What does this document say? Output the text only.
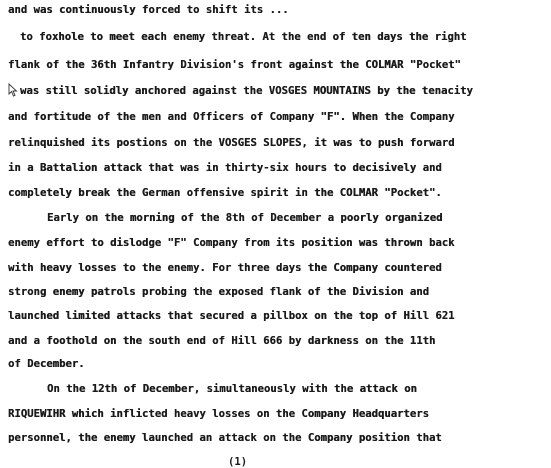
and was continuously forced to shift its ...
to foxhole to meet each enemy threat. At the end of ten days the right
flank of the 36th Infantry Division's front against the COLMAR "Pocket"
was still solidly anchored against the VOSGES MOUNTAINS by the tenacity
and fortitude of the men and Officers of Company "F". When the Company
relinquished its postions on the VOSGES SLOPES, it was to push forward
in a Battalion attack that was in thirty-six hours to decisively and
completely break the German offensive spirit in the COLMAR "Pocket".
Early on the morning of the 8th of December a poorly organized
enemy effort to dislodge "F" Company from its position was thrown back
with heavy losses to the enemy. For three days the Company countered
strong enemy patrols probing the exposed flank of the Division and
launched limited attacks that secured a pillbox on the top of Hill 621
and a foothold on the south end of Hill 666 by darkness on the 11th
of December.
On the 12th of December, simultaneously with the attack on
RIQUEWIHR which inflicted heavy losses on the Company Headquarters
personnel, the enemy launched an attack on the Company position that
(1)
